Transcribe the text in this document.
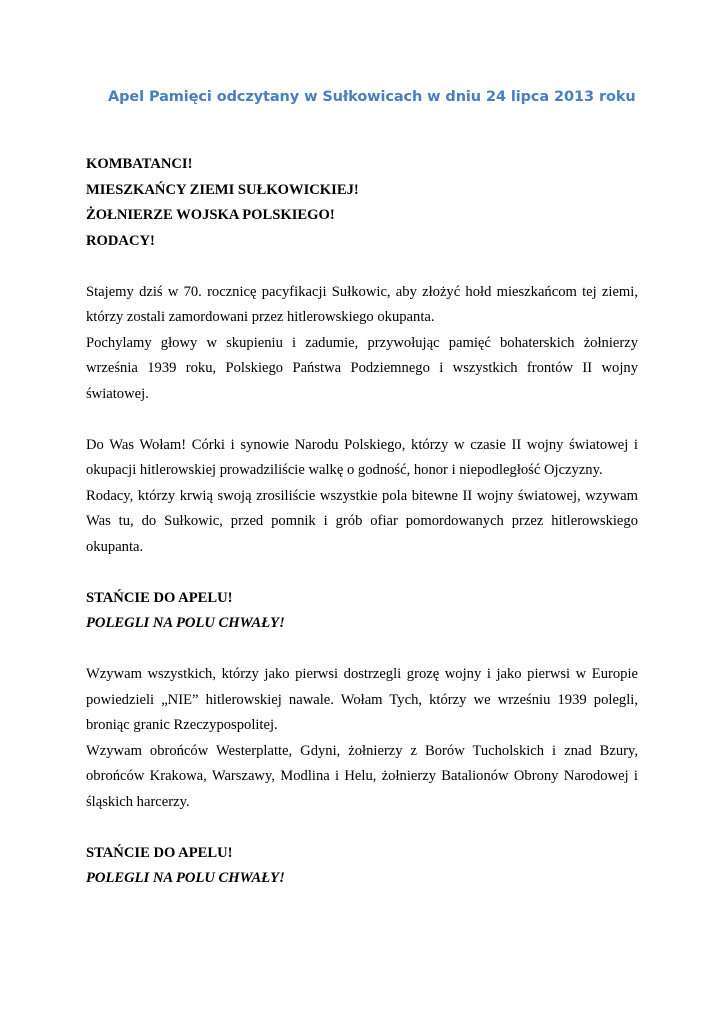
Apel Pamięci odczytany w Sułkowicach w dniu 24 lipca 2013 roku

KOMBATANCI!

MIESZKAŃCY ZIEMI SUŁKOWICKIEJ!

ŻOŁNIERZE WOJSKA POLSKIEGO!

RODACY!

Stajemy dziś w 70. rocznicę pacyfikacji Sułkowic, aby złożyć hołd mieszkańcom tej ziemi, którzy zostali zamordowani przez hitlerowskiego okupanta.

Pochylamy głowy w skupieniu i zadumie, przywołując pamięć bohaterskich żołnierzy września 1939 roku, Polskiego Państwa Podziemnego i wszystkich frontów II wojny światowej.

Do Was Wołam! Córki i synowie Narodu Polskiego, którzy w czasie II wojny światowej i okupacji hitlerowskiej prowadziliście walkę o godność, honor i niepodległość Ojczyzny.

Rodacy, którzy krwią swoją zrosiliście wszystkie pola bitewne II wojny światowej, wzywam Was tu, do Sułkowic, przed pomnik i grób ofiar pomordowanych przez hitlerowskiego okupanta.

STAŃCIE DO APELU!

POLEGLI NA POLU CHWAŁY!

Wzywam wszystkich, którzy jako pierwsi dostrzegli grozę wojny i jako pierwsi w Europie powiedzieli „NIE” hitlerowskiej nawale. Wołam Tych, którzy we wrześniu 1939 polegli, broniąc granic Rzeczypospolitej.

Wzywam obrońców Westerplatte, Gdyni, żołnierzy z Borów Tucholskich i znad Bzury, obrońców Krakowa, Warszawy, Modlina i Helu, żołnierzy Batalionów Obrony Narodowej i śląskich harcerzy.

STAŃCIE DO APELU!

POLEGLI NA POLU CHWAŁY!
